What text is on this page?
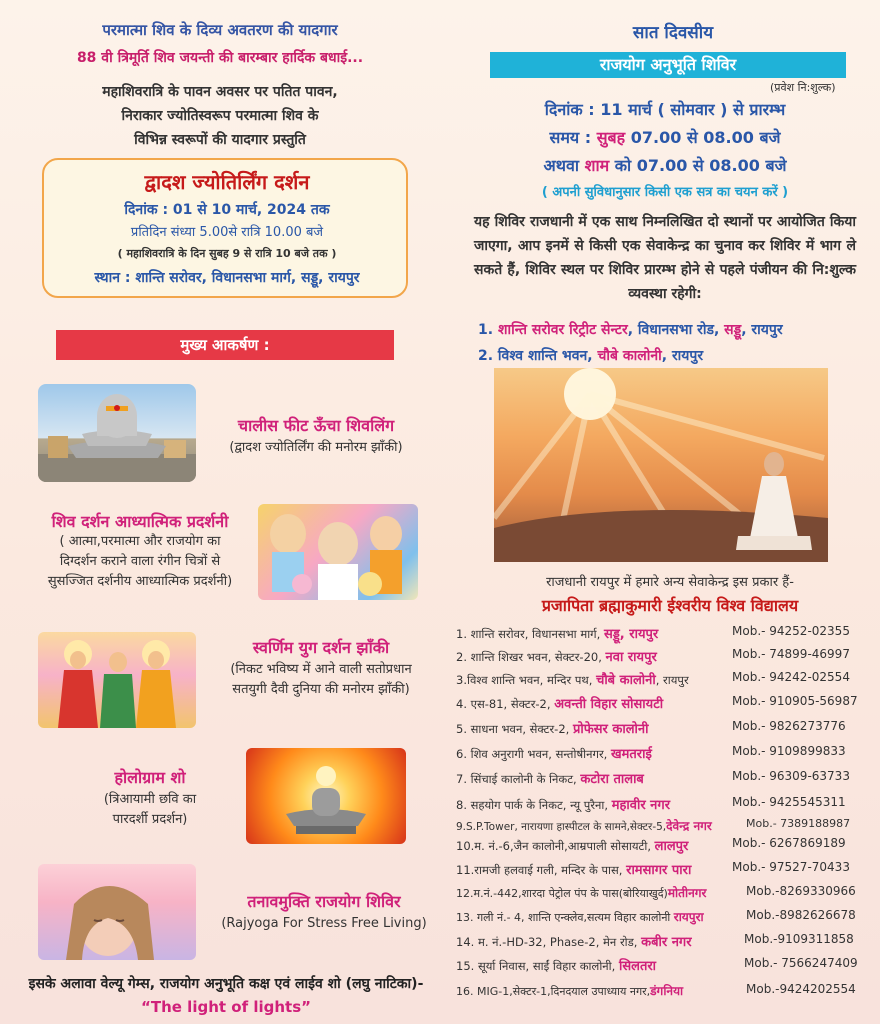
परमात्मा शिव के दिव्य अवतरण की यादगार
88 वी त्रिमूर्ति शिव जयन्ती की बारम्बार हार्दिक बधाई...
महाशिवरात्रि के पावन अवसर पर पतित पावन,
निराकार ज्योतिस्वरूप परमात्मा शिव के
विभिन्न स्वरूपों की यादगार प्रस्तुति
द्वादश ज्योतिर्लिंग दर्शन
दिनांक : 01 से 10 मार्च, 2024 तक
प्रतिदिन संध्या 5.00से रात्रि 10.00 बजे
( महाशिवरात्रि के दिन सुबह 9 से रात्रि 10 बजे तक )
स्थान : शान्ति सरोवर, विधानसभा मार्ग, सड्डू, रायपुर
मुख्य आकर्षण :
चालीस फीट ऊँचा शिवलिंग
(द्वादश ज्योतिर्लिंग की मनोरम झाँकी)
शिव दर्शन आध्यात्मिक प्रदर्शनी
( आत्मा,परमात्मा और राजयोग का
दिग्दर्शन कराने वाला रंगीन चित्रों से
सुसज्जित दर्शनीय आध्यात्मिक प्रदर्शनी)
स्वर्णिम युग दर्शन झाँकी
(निकट भविष्य में आने वाली सतोप्रधान
सतयुगी दैवी दुनिया की मनोरम झाँकी)
होलोग्राम शो
(त्रिआयामी छवि का
पारदर्शी प्रदर्शन)
तनावमुक्ति राजयोग शिविर
(Rajyoga For Stress Free Living)
इसके अलावा वेल्यू गेम्स, राजयोग अनुभूति कक्ष एवं लाईव शो (लघु नाटिका)-
“The light of lights”
सात दिवसीय
राजयोग अनुभूति शिविर
(प्रवेश नि:शुल्क)
दिनांक : 11 मार्च ( सोमवार ) से प्रारम्भ
समय : सुबह 07.00 से 08.00 बजे
अथवा शाम को 07.00 से 08.00 बजे
( अपनी सुविधानुसार किसी एक सत्र का चयन करें )
यह शिविर राजधानी में एक साथ निम्नलिखित दो स्थानों पर आयोजित किया जाएगा, आप इनमें से किसी एक सेवाकेन्द्र का चुनाव कर शिविर में भाग ले सकते हैं, शिविर स्थल पर शिविर प्रारम्भ होने से पहले पंजीयन की नि:शुल्क व्यवस्था रहेगी:
1. शान्ति सरोवर रिट्रीट सेन्टर, विधानसभा रोड, सड्डू, रायपुर
2. विश्व शान्ति भवन, चौबे कालोनी, रायपुर
राजधानी रायपुर में हमारे अन्य सेवाकेन्द्र इस प्रकार हैं-
प्रजापिता ब्रह्माकुमारी ईश्वरीय विश्व विद्यालय
1. शान्ति सरोवर, विधानसभा मार्ग, सड्डू, रायपुर	Mob.- 94252-02355
2. शान्ति शिखर भवन, सेक्टर-20, नवा रायपुर	Mob.- 74899-46997
3.विश्व शान्ति भवन, मन्दिर पथ, चौबे कालोनी, रायपुर	Mob.- 94242-02554
4. एस-81, सेक्टर-2, अवन्ती विहार सोसायटी	Mob.- 910905-56987
5. साधना भवन, सेक्टर-2, प्रोफेसर कालोनी	Mob.- 9826273776
6. शिव अनुरागी भवन, सन्तोषीनगर, खमतराई	Mob.- 9109899833
7. सिंचाई कालोनी के निकट, कटोरा तालाब	Mob.- 96309-63733
8. सहयोग पार्क के निकट, न्यू पुरैना, महावीर नगर	Mob.- 9425545311
9.S.P.Tower, नारायणा हास्पीटल के सामने,सेक्टर-5,देवेन्द्र नगर	Mob.- 7389188987
10.म. नं.-6,जैन कालोनी,आम्रपाली सोसायटी, लालपुर	Mob.- 6267869189
11.रामजी हलवाई गली, मन्दिर के पास, रामसागर पारा	Mob.- 97527-70433
12.म.नं.-442,शारदा पेट्रोल पंप के पास(बोरियाखुर्द)मोतीनगर	Mob.-8269330966
13. गली नं.- 4, शान्ति एन्क्लेव,सत्यम विहार कालोनी रायपुरा	Mob.-8982626678
14. म. नं.-HD-32, Phase-2, मेन रोड, कबीर नगर	Mob.-9109311858
15. सूर्या निवास, साईं विहार कालोनी, सिलतरा	Mob.- 7566247409
16. MIG-1,सेक्टर-1,दिनदयाल उपाध्याय नगर,डंगनिया	Mob.-9424202554
